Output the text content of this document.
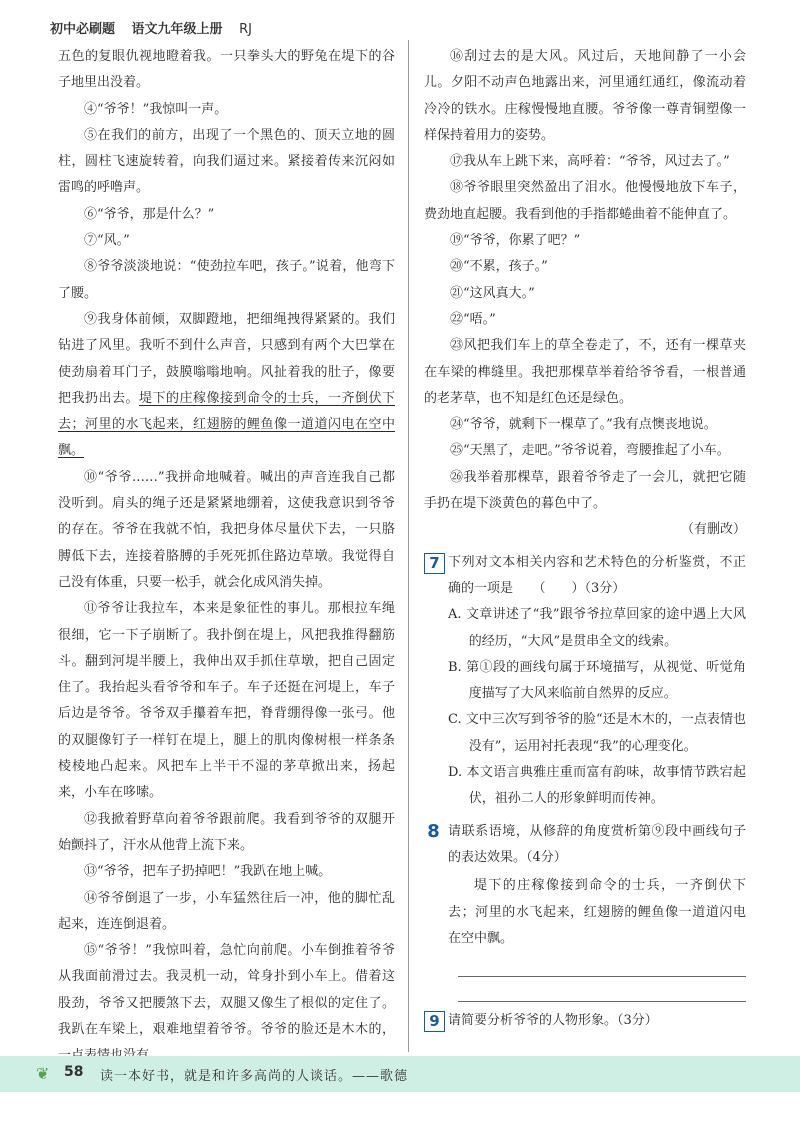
初中必刷题 语文九年级上册 RJ

五色的复眼仇视地瞪着我。一只拳头大的野兔在堤下的谷子地里出没着。

④“爷爷！”我惊叫一声。

⑤在我们的前方，出现了一个黑色的、顶天立地的圆柱，圆柱飞速旋转着，向我们逼过来。紧接着传来沉闷如雷鸣的呼噜声。

⑥“爷爷，那是什么？”

⑦“风。”

⑧爷爷淡淡地说：“使劲拉车吧，孩子。”说着，他弯下了腰。

⑨我身体前倾，双脚蹬地，把细绳拽得紧紧的。我们钻进了风里。我听不到什么声音，只感到有两个大巴掌在使劲扇着耳门子，鼓膜嗡嗡地响。风扯着我的肚子，像要把我扔出去。堤下的庄稼像接到命令的士兵，一齐倒伏下去；河里的水飞起来，红翅膀的鲤鱼像一道道闪电在空中飘。

⑩“爷爷……”我拼命地喊着。喊出的声音连我自己都没听到。肩头的绳子还是紧紧地绷着，这使我意识到爷爷的存在。爷爷在我就不怕，我把身体尽量伏下去，一只胳膊低下去，连接着胳膊的手死死抓住路边草墩。我觉得自己没有体重，只要一松手，就会化成风消失掉。

⑪爷爷让我拉车，本来是象征性的事儿。那根拉车绳很细，它一下子崩断了。我扑倒在堤上，风把我推得翻筋斗。翻到河堤半腰上，我伸出双手抓住草墩，把自己固定住了。我抬起头看爷爷和车子。车子还挺在河堤上，车子后边是爷爷。爷爷双手攥着车把，脊背绷得像一张弓。他的双腿像钉子一样钉在堤上，腿上的肌肉像树根一样条条棱棱地凸起来。风把车上半干不湿的茅草掀出来，扬起来，小车在哆嗦。

⑫我掀着野草向着爷爷跟前爬。我看到爷爷的双腿开始颤抖了，汗水从他背上流下来。

⑬“爷爷，把车子扔掉吧！”我趴在地上喊。

⑭爷爷倒退了一步，小车猛然往后一冲，他的脚忙乱起来，连连倒退着。

⑮“爷爷！”我惊叫着，急忙向前爬。小车倒推着爷爷从我面前滑过去。我灵机一动，耸身扑到小车上。借着这股劲，爷爷又把腰煞下去，双腿又像生了根似的定住了。我趴在车梁上，艰难地望着爷爷。爷爷的脸还是木木的，

⑯刮过去的是大风。风过后，天地间静了一小会儿。夕阳不动声色地露出来，河里通红通红，像流动着冷冷的铁水。庄稼慢慢地直腰。爷爷像一尊青铜塑像一样保持着用力的姿势。

⑰我从车上跳下来，高呼着：“爷爷，风过去了。”

⑱爷爷眼里突然盈出了泪水。他慢慢地放下车子，费劲地直起腰。我看到他的手指都蜷曲着不能伸直了。

⑲“爷爷，你累了吧？”

⑳“不累，孩子。”

㉑“这风真大。”

㉒“唔。”

㉓风把我们车上的草全卷走了，不，还有一棵草夹在车梁的榫缝里。我把那棵草举着给爷爷看，一根普通的老茅草，也不知是红色还是绿色。

㉔“爷爷，就剩下一棵草了。”我有点懊丧地说。

㉕“天黑了，走吧。”爷爷说着，弯腰推起了小车。

㉖我举着那棵草，跟着爷爷走了一会儿，就把它随手扔在堤下淡黄色的暮色中了。

（有删改）

7 下列对文本相关内容和艺术特色的分析鉴赏，不正确的一项是　　（　　）（3分）

A. 文章讲述了“我”跟爷爷拉草回家的途中遇上大风的经历，“大风”是贯串全文的线索。

B. 第①段的画线句属于环境描写，从视觉、听觉角度描写了大风来临前自然界的反应。

C. 文中三次写到爷爷的脸“还是木木的，一点表情也没有”，运用衬托表现“我”的心理变化。

D. 本文语言典雅庄重而富有韵味，故事情节跌宕起伏，祖孙二人的形象鲜明而传神。

8 请联系语境，从修辞的角度赏析第⑨段中画线句子的表达效果。（4分）

堤下的庄稼像接到命令的士兵，一齐倒伏下去；河里的水飞起来，红翅膀的鲤鱼像一道道闪电在空中飘。

9 请简要分析爷爷的人物形象。（3分）

❦ 58 读一本好书，就是和许多高尚的人谈话。——歌德
